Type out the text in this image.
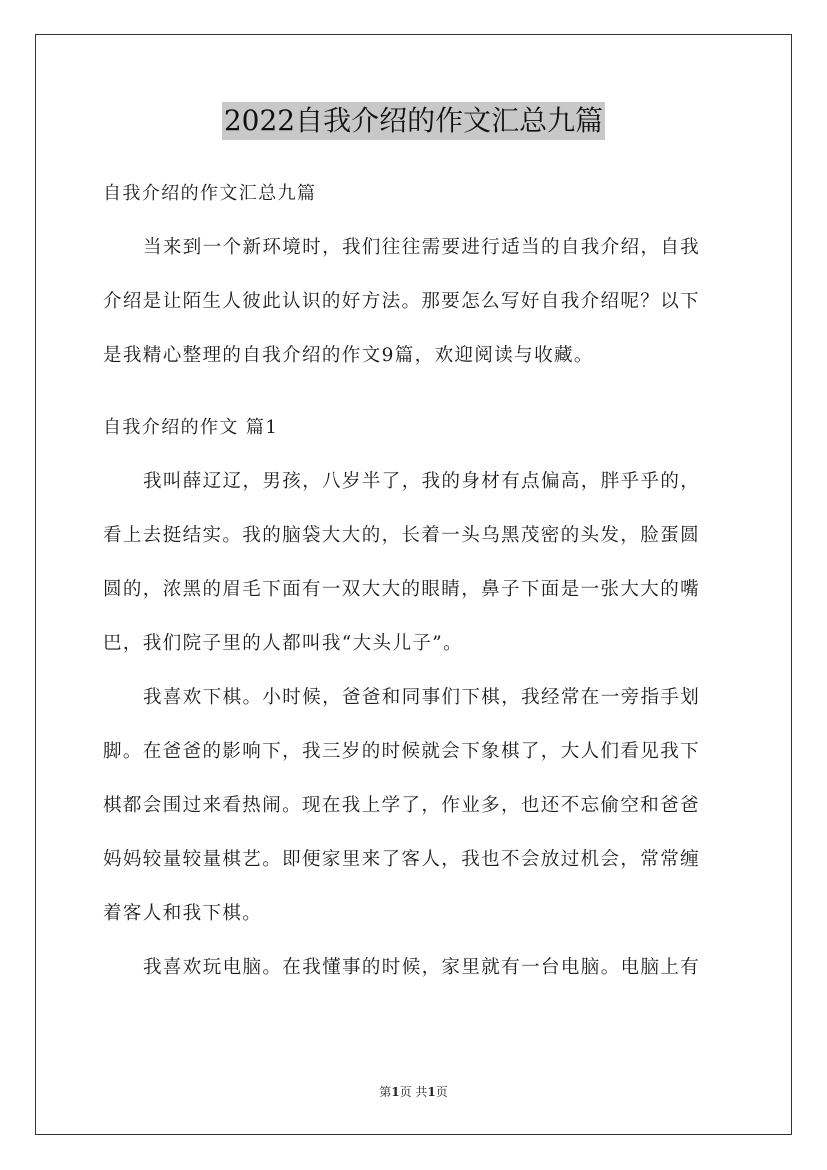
2022自我介绍的作文汇总九篇
自我介绍的作文汇总九篇
当来到一个新环境时，我们往往需要进行适当的自我介绍，自我
介绍是让陌生人彼此认识的好方法。那要怎么写好自我介绍呢？以下
是我精心整理的自我介绍的作文9篇，欢迎阅读与收藏。
自我介绍的作文 篇1
我叫薛辽辽，男孩，八岁半了，我的身材有点偏高，胖乎乎的，
看上去挺结实。我的脑袋大大的，长着一头乌黑茂密的头发，脸蛋圆
圆的，浓黑的眉毛下面有一双大大的眼睛，鼻子下面是一张大大的嘴
巴，我们院子里的人都叫我“大头儿子”。
我喜欢下棋。小时候，爸爸和同事们下棋，我经常在一旁指手划
脚。在爸爸的影响下，我三岁的时候就会下象棋了，大人们看见我下
棋都会围过来看热闹。现在我上学了，作业多，也还不忘偷空和爸爸
妈妈较量较量棋艺。即便家里来了客人，我也不会放过机会，常常缠
着客人和我下棋。
我喜欢玩电脑。在我懂事的时候，家里就有一台电脑。电脑上有
第1页 共1页
